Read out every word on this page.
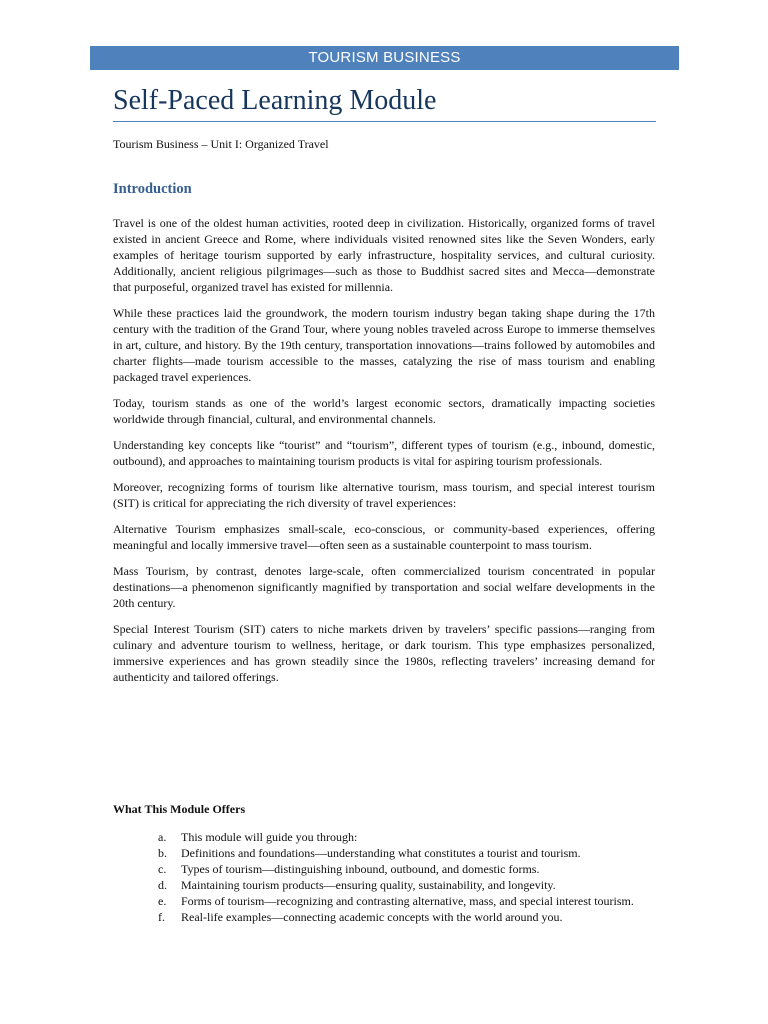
TOURISM BUSINESS
Self-Paced Learning Module
Tourism Business – Unit I: Organized Travel
Introduction

Travel is one of the oldest human activities, rooted deep in civilization. Historically, organized forms of travel existed in ancient Greece and Rome, where individuals visited renowned sites like the Seven Wonders, early examples of heritage tourism supported by early infrastructure, hospitality services, and cultural curiosity. Additionally, ancient religious pilgrimages—such as those to Buddhist sacred sites and Mecca—demonstrate that purposeful, organized travel has existed for millennia.

While these practices laid the groundwork, the modern tourism industry began taking shape during the 17th century with the tradition of the Grand Tour, where young nobles traveled across Europe to immerse themselves in art, culture, and history. By the 19th century, transportation innovations—trains followed by automobiles and charter flights—made tourism accessible to the masses, catalyzing the rise of mass tourism and enabling packaged travel experiences.

Today, tourism stands as one of the world’s largest economic sectors, dramatically impacting societies worldwide through financial, cultural, and environmental channels.

Understanding key concepts like “tourist” and “tourism”, different types of tourism (e.g., inbound, domestic, outbound), and approaches to maintaining tourism products is vital for aspiring tourism professionals.

Moreover, recognizing forms of tourism like alternative tourism, mass tourism, and special interest tourism (SIT) is critical for appreciating the rich diversity of travel experiences:

Alternative Tourism emphasizes small-scale, eco-conscious, or community-based experiences, offering meaningful and locally immersive travel—often seen as a sustainable counterpoint to mass tourism.

Mass Tourism, by contrast, denotes large-scale, often commercialized tourism concentrated in popular destinations—a phenomenon significantly magnified by transportation and social welfare developments in the 20th century.

Special Interest Tourism (SIT) caters to niche markets driven by travelers’ specific passions—ranging from culinary and adventure tourism to wellness, heritage, or dark tourism. This type emphasizes personalized, immersive experiences and has grown steadily since the 1980s, reflecting travelers’ increasing demand for authenticity and tailored offerings.

What This Module Offers
a. This module will guide you through:
b. Definitions and foundations—understanding what constitutes a tourist and tourism.
c. Types of tourism—distinguishing inbound, outbound, and domestic forms.
d. Maintaining tourism products—ensuring quality, sustainability, and longevity.
e. Forms of tourism—recognizing and contrasting alternative, mass, and special interest tourism.
f. Real-life examples—connecting academic concepts with the world around you.
